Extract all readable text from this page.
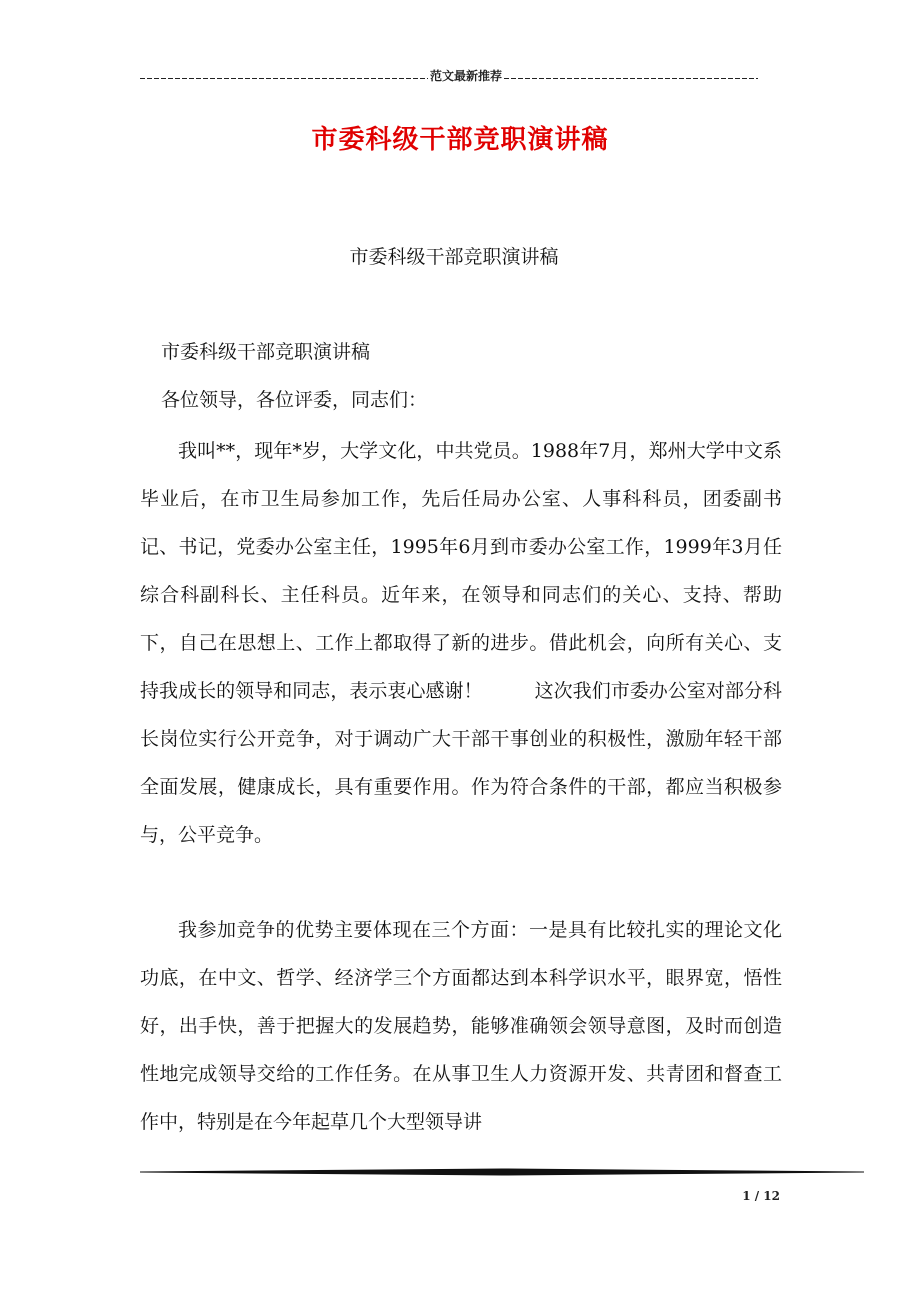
范文最新推荐
市委科级干部竞职演讲稿
市委科级干部竞职演讲稿
市委科级干部竞职演讲稿
各位领导，各位评委，同志们：

我叫**，现年*岁，大学文化，中共党员。1988年7月，郑州大学中文系毕业后，在市卫生局参加工作，先后任局办公室、人事科科员，团委副书记、书记，党委办公室主任，1995年6月到市委办公室工作，1999年3月任综合科副科长、主任科员。近年来，在领导和同志们的关心、支持、帮助下，自己在思想上、工作上都取得了新的进步。借此机会，向所有关心、支持我成长的领导和同志，表示衷心感谢！	这次我们市委办公室对部分科长岗位实行公开竞争，对于调动广大干部干事创业的积极性，激励年轻干部全面发展，健康成长，具有重要作用。作为符合条件的干部，都应当积极参与，公平竞争。

我参加竞争的优势主要体现在三个方面：一是具有比较扎实的理论文化功底，在中文、哲学、经济学三个方面都达到本科学识水平，眼界宽，悟性好，出手快，善于把握大的发展趋势，能够准确领会领导意图，及时而创造性地完成领导交给的工作任务。在从事卫生人力资源开发、共青团和督查工作中，特别是在今年起草几个大型领导讲

1 / 12
